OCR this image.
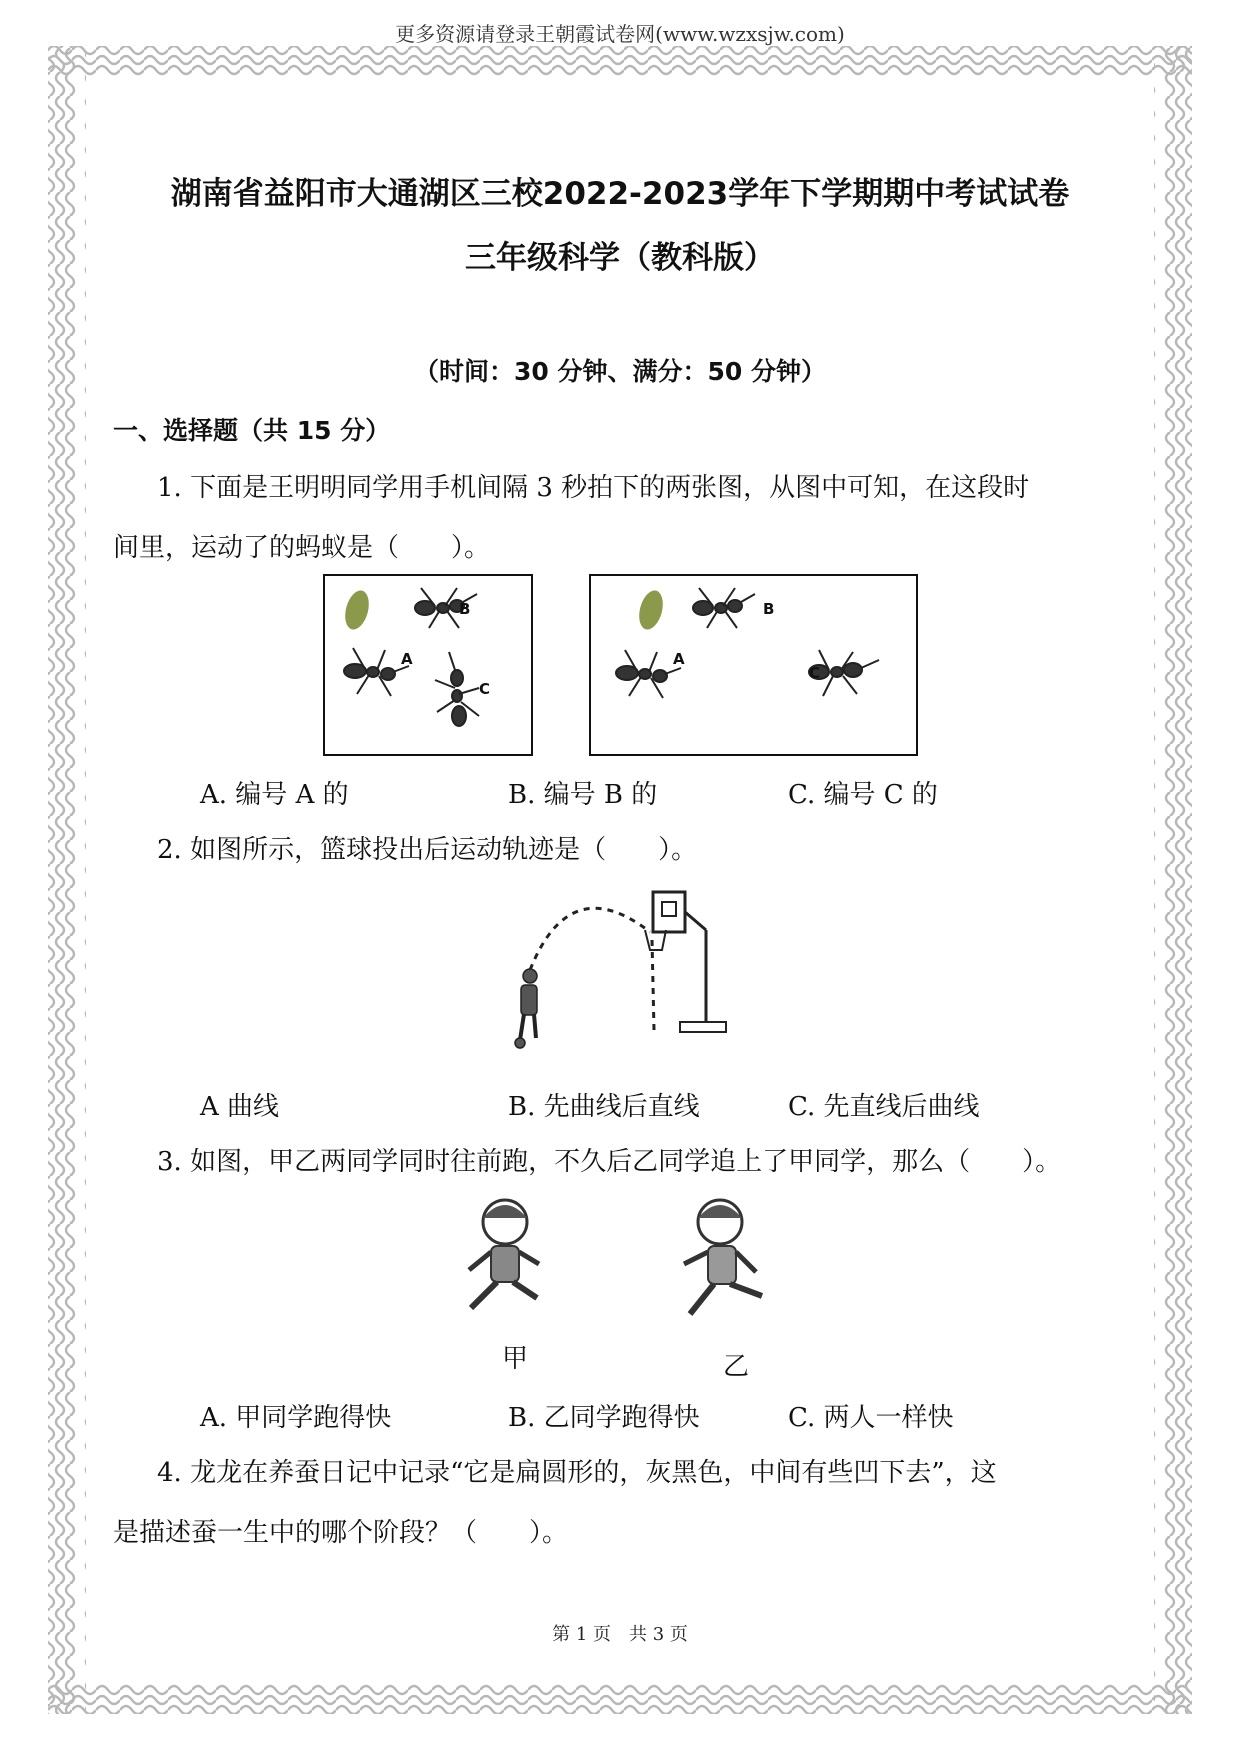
更多资源请登录王朝霞试卷网(www.wzxsjw.com)
湖南省益阳市大通湖区三校2022-2023学年下学期期中考试试卷
三年级科学（教科版）
（时间：30 分钟、满分：50 分钟）
一、选择题（共 15 分）
1. 下面是王明明同学用手机间隔 3 秒拍下的两张图，从图中可知，在这段时
间里，运动了的蚂蚁是（　　）。
B
A
C
B
A
C
A. 编号 A 的	B. 编号 B 的	C. 编号 C 的
2. 如图所示，篮球投出后运动轨迹是（　　）。
A 曲线	B. 先曲线后直线	C. 先直线后曲线
3. 如图，甲乙两同学同时往前跑，不久后乙同学追上了甲同学，那么（　　）。
甲	乙
A. 甲同学跑得快	B. 乙同学跑得快	C. 两人一样快
4. 龙龙在养蚕日记中记录“它是扁圆形的，灰黑色，中间有些凹下去”，这
是描述蚕一生中的哪个阶段？（　　）。
第 1 页　共 3 页
